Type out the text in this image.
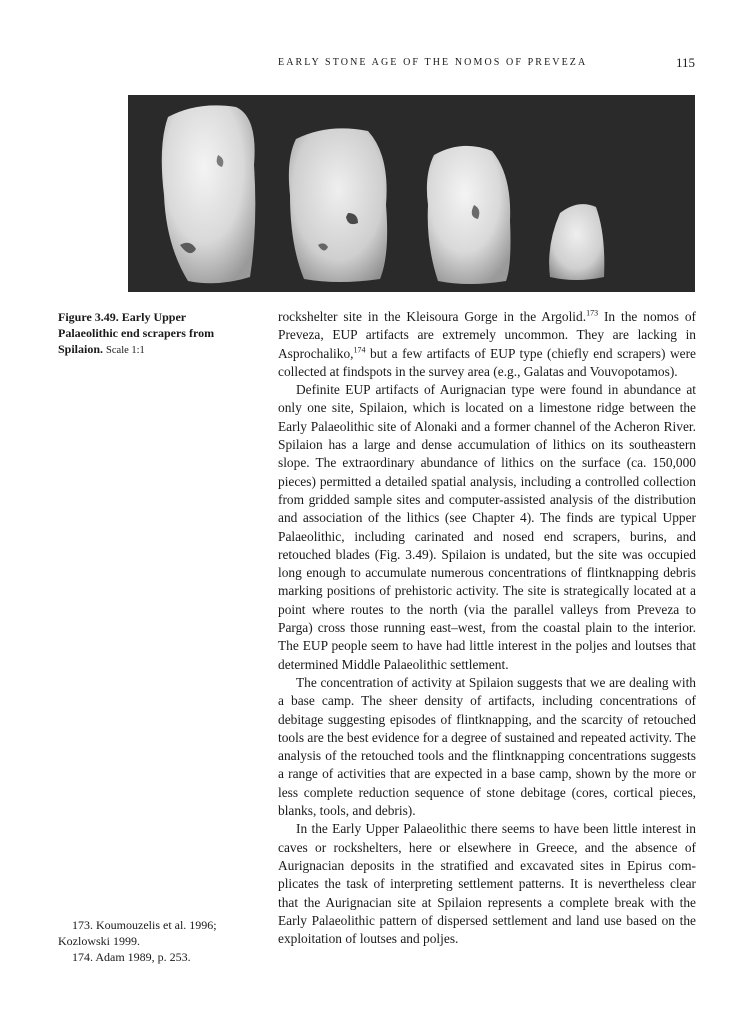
EARLY STONE AGE OF THE NOMOS OF PREVEZA	115
Figure 3.49. Early Upper Palaeolithic end scrapers from Spilaion. Scale 1:1

rockshelter site in the Kleisoura Gorge in the Argolid.$^{173}$ In the nomos of Preveza, EUP artifacts are extremely uncommon. They are lacking in Asprochaliko,$^{174}$ but a few artifacts of EUP type (chiefly end scrapers) were collected at findspots in the survey area (e.g., Galatas and Vouvopotamos).

Definite EUP artifacts of Aurignacian type were found in abundance at only one site, Spilaion, which is located on a limestone ridge between the Early Palaeolithic site of Alonaki and a former channel of the Acheron River. Spilaion has a large and dense accumulation of lithics on its southeastern slope. The extraordinary abundance of lithics on the surface (ca. 150,000 pieces) permitted a detailed spatial analysis, including a controlled collection from gridded sample sites and computer-assisted analysis of the distribution and association of the lithics (see Chapter 4). The finds are typical Upper Palaeolithic, including carinated and nosed end scrapers, burins, and retouched blades (Fig. 3.49). Spilaion is undated, but the site was occupied long enough to accumulate numerous concentrations of flintknapping debris marking positions of prehistoric activity. The site is strategically located at a point where routes to the north (via the parallel valleys from Preveza to Parga) cross those running east–west, from the coastal plain to the interior. The EUP people seem to have had little interest in the poljes and loutses that determined Middle Palaeolithic settlement.

The concentration of activity at Spilaion suggests that we are dealing with a base camp. The sheer density of artifacts, including concentrations of debitage suggesting episodes of flintknapping, and the scarcity of retouched tools are the best evidence for a degree of sustained and repeated activity. The analysis of the retouched tools and the flintknapping concentrations suggests a range of activities that are expected in a base camp, shown by the more or less complete reduction sequence of stone debitage (cores, cortical pieces, blanks, tools, and debris).

In the Early Upper Palaeolithic there seems to have been little interest in caves or rockshelters, here or elsewhere in Greece, and the absence of Aurignacian deposits in the stratified and excavated sites in Epirus complicates the task of interpreting settlement patterns. It is nevertheless clear that the Aurignacian site at Spilaion represents a complete break with the Early Palaeolithic pattern of dispersed settlement and land use based on the exploitation of loutses and poljes.

173. Koumouzelis et al. 1996;

Kozlowski 1999.

174. Adam 1989, p. 253.
